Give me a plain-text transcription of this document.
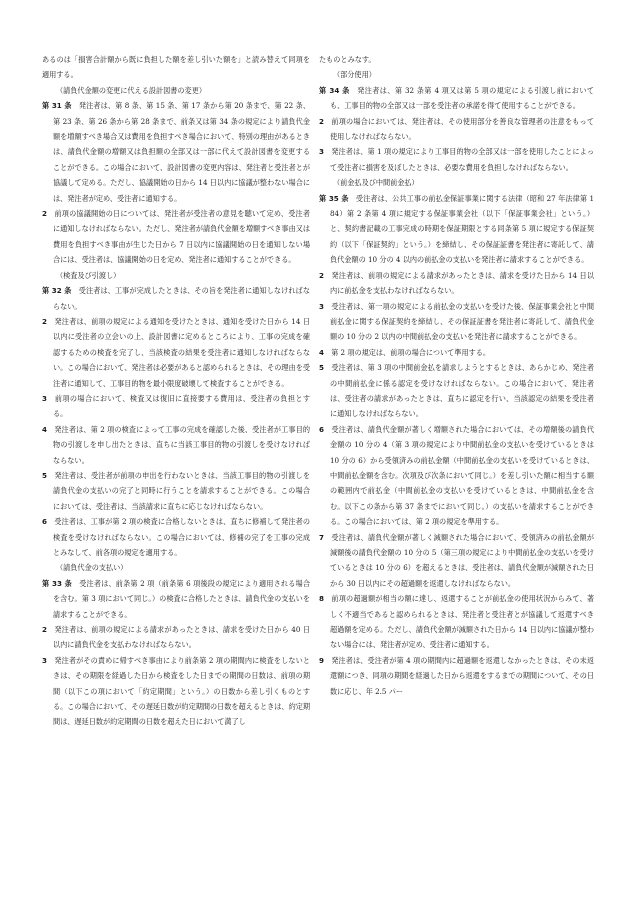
あるのは「損害合計額から既に負担した額を差し引いた額を」と読み替えて同項を適用する。
（請負代金額の変更に代える設計図書の変更）
第 31 条　発注者は、第 8 条、第 15 条、第 17 条から第 20 条まで、第 22 条、第 23 条、第 26 条から第 28 条まで、前条又は第 34 条の規定により請負代金額を増額すべき場合又は費用を負担すべき場合において、特別の理由があるときは、請負代金額の増額又は負担額の全部又は一部に代えて設計図書を変更することができる。この場合において、設計図書の変更内容は、発注者と受注者とが協議して定める。ただし、協議開始の日から 14 日以内に協議が整わない場合には、発注者が定め、受注者に通知する。
2　前項の協議開始の日については、発注者が受注者の意見を聴いて定め、受注者に通知しなければならない。ただし、発注者が請負代金額を増額すべき事由又は費用を負担すべき事由が生じた日から 7 日以内に協議開始の日を通知しない場合には、受注者は、協議開始の日を定め、発注者に通知することができる。
（検査及び引渡し）
第 32 条　受注者は、工事が完成したときは、その旨を発注者に通知しなければならない。
2　発注者は、前項の規定による通知を受けたときは、通知を受けた日から 14 日以内に受注者の立会いの上、設計図書に定めるところにより、工事の完成を確認するための検査を完了し、当該検査の結果を受注者に通知しなければならない。この場合において、発注者は必要があると認められるときは、その理由を受注者に通知して、工事目的物を最小限度破壊して検査することができる。
3　前項の場合において、検査又は復旧に直接要する費用は、受注者の負担とする。
4　発注者は、第 2 項の検査によって工事の完成を確認した後、受注者が工事目的物の引渡しを申し出たときは、直ちに当該工事目的物の引渡しを受けなければならない。
5　発注者は、受注者が前項の申出を行わないときは、当該工事目的物の引渡しを請負代金の支払いの完了と同時に行うことを請求することができる。この場合においては、受注者は、当該請求に直ちに応じなければならない。
6　受注者は、工事が第 2 項の検査に合格しないときは、直ちに修補して発注者の検査を受けなければならない。この場合においては、修補の完了を工事の完成とみなして、前各項の規定を適用する。
（請負代金の支払い）
第 33 条　受注者は、前条第 2 項（前条第 6 項後段の規定により適用される場合を含む。第 3 項において同じ。）の検査に合格したときは、請負代金の支払いを請求することができる。
2　発注者は、前項の規定による請求があったときは、請求を受けた日から 40 日以内に請負代金を支払わなければならない。
3　発注者がその責めに帰すべき事由により前条第 2 項の期間内に検査をしないときは、その期限を経過した日から検査をした日までの期間の日数は、前項の期間（以下この項において「約定期間」という。）の日数から差し引くものとする。この場合において、その遅延日数が約定期間の日数を超えるときは、約定期間は、遅延日数が約定期間の日数を超えた日において満了し
たものとみなす。
（部分使用）
第 34 条　発注者は、第 32 条第 4 項又は第 5 項の規定による引渡し前においても、工事目的物の全部又は一部を受注者の承諾を得て使用することができる。
2　前項の場合においては、発注者は、その使用部分を善良な管理者の注意をもって使用しなければならない。
3　発注者は、第 1 項の規定により工事目的物の全部又は一部を使用したことによって受注者に損害を及ぼしたときは、必要な費用を負担しなければならない。
（前金払及び中間前金払）
第 35 条　受注者は、公共工事の前払金保証事業に関する法律（昭和 27 年法律第 184）第 2 条第 4 項に規定する保証事業会社（以下「保証事業会社」という。）と、契約書記載の工事完成の時期を保証期限とする同条第 5 項に規定する保証契約（以下「保証契約」という。）を締結し、その保証証書を発注者に寄託して、請負代金額の 10 分の 4 以内の前払金の支払いを発注者に請求することができる。
2　発注者は、前項の規定による請求があったときは、請求を受けた日から 14 日以内に前払金を支払わなければならない。
3　受注者は、第一項の規定による前払金の支払いを受けた後、保証事業会社と中間前払金に関する保証契約を締結し、その保証証書を発注者に寄託して、請負代金額の 10 分の 2 以内の中間前払金の支払いを発注者に請求することができる。
4　第 2 項の規定は、前項の場合について準用する。
5　受注者は、第 3 項の中間前金払を請求しようとするときは、あらかじめ、発注者の中間前払金に係る認定を受けなければならない。この場合において、発注者は、受注者の請求があったときは、直ちに認定を行い、当該認定の結果を受注者に通知しなければならない。
6　受注者は、請負代金額が著しく増額された場合においては、その増額後の請負代金額の 10 分の 4（第 3 項の規定により中間前払金の支払いを受けているときは 10 分の 6）から受領済みの前払金額（中間前払金の支払いを受けているときは、中間前払金額を含む。次項及び次条において同じ。）を差し引いた額に相当する額の範囲内で前払金（中間前払金の支払いを受けているときは、中間前払金を含む。以下この条から第 37 条までにおいて同じ。）の支払いを請求することができる。この場合においては、第 2 項の規定を準用する。
7　受注者は、請負代金額が著しく減額された場合において、受領済みの前払金額が減額後の請負代金額の 10 分の 5（第三項の規定により中間前払金の支払いを受けているときは 10 分の 6）を超えるときは、受注者は、請負代金額が減額された日から 30 日以内にその超過額を返還しなければならない。
8　前項の超過額が相当の額に達し、返還することが前払金の使用状況からみて、著しく不適当であると認められるときは、発注者と受注者とが協議して返還すべき超過額を定める。ただし、請負代金額が減額された日から 14 日以内に協議が整わない場合には、発注者が定め、受注者に通知する。
9　発注者は、受注者が第 4 項の期間内に超過額を返還しなかったときは、その未返還額につき、同項の期間を経過した日から返還をするまでの期間について、その日数に応じ、年 2.5 パー
